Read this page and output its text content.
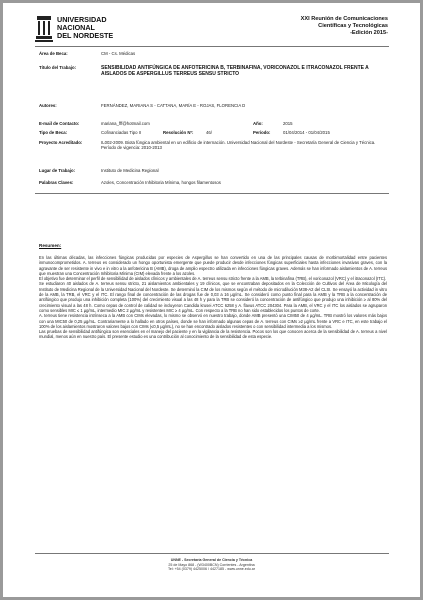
UNIVERSIDAD
NACIONAL
DEL NORDESTE
XXI Reunión de Comunicaciones
Científicas y Tecnológicas
-Edición 2015-
Área de Beca:	CM - Cs. Médicas
Título del Trabajo:	SENSIBILIDAD ANTIFÚNGICA DE ANFOTERICINA B, TERBINAFINA, VORICONAZOL E ITRACONAZOL FRENTE A AISLADOS DE ASPERGILLUS TERREUS SENSU STRICTO
Autores:	FERNÁNDEZ, MARIANA S - CATTANA, MARÍA E - ROJAS, FLORENCIA D
E-mail de Contacto:	mariana_fff@hotmail.com	Año:	2015
Tipo de Beca:	Cofinanciadas Tipo II	Resolución Nº:	46/	Período:	01/04/2014 - 01/04/2015
Proyecto Acreditado:	IL002-2009. Biota fúngica ambiental en un edificio de internación. Universidad Nacional del Nordeste - Secretaría General de Ciencia y Técnica. Período de vigencia: 2010-2013
Lugar de Trabajo:	Instituto de Medicina Regional
Palabras Claves:	Azoles, Concentración Inhibitoria Mínima, hongos filamentosos
Resumen:

En las últimas décadas, las infecciones fúngicas producidas por especies de Aspergillus se han convertido en una de las principales causas de morbimortalidad entre pacientes inmunocomprometidos. A. terreus es considerado un hongo oportunista emergente que puede producir desde infecciones fúngicas superficiales hasta infecciones invasivas graves, con la agravante de ser resistente in vivo e in vitro a la anfotericina B (AMB), droga de amplio espectro utilizada en infecciones fúngicas graves. Además se han informado aislamientos de A. terreus que muestran una Concentración Inhibitoria Mínima (CIM) elevada frente a los azoles.

El objetivo fue determinar el perfil de sensibilidad de aislados clínicos y ambientales de A. terreus sensu stricto frente a la AMB, la terbinafina (TRB), el voriconazol (VRC) y el itraconazol (ITC).

Se estudiaron 40 aislados de A. terreus sensu stricto, 21 aislamientos ambientales y 19 clínicos, que se encontraban depositados en la Colección de Cultivos del Área de Micología del Instituto de Medicina Regional de la Universidad Nacional del Nordeste. Se determinó la CIM de los mismos según el método de microdilución M38-A2 del CLSI. Se ensayó la actividad in vitro de la AMB, la TRB, el VRC y el ITC. El rango final de concentración de las drogas fue de 0,03 a 16 µg/mL. Se consideró como punto final para la AMB y la TRB a la concentración de antifúngico que produjo una inhibición completa (100%) del crecimiento visual a las 48 h y para la TRB se consideró la concentración de antifúngico que produjo una inhibición ≥ al 80% del crecimiento visual a las 48 h. Como cepas de control de calidad se incluyeron Candida krusei ATCC 6258 y A. flavus ATCC 204304. Para la AMB, el VRC y el ITC los aislados se agruparon como sensibles MIC ≤ 1 µg/mL, intermedio MIC 2 µg/mL y resistentes MIC ≥ 4 µg/mL. Con respecto a la TRB no han sido establecidos los puntos de corte.

A. terreus tiene resistencia intrínseca a la AMB con CIMs elevadas, lo mismo se observó en nuestro trabajo, donde AMB presentó una CIM50 de 4 µg/mL. TRB mostró los valores más bajos con una MIC50 de 0,25 µg/mL. Contrariamente a lo hallado en otros países, donde se han informado algunas cepas de A. terreus con CIMs ≥2 µg/mL frente a VRC e ITC, en este trabajo el 100% de los aislamientos mostraron valores bajos con CIMs (≤0,5 µg/mL), no se han encontrado aislados resistentes o con sensibilidad intermedia a los mismos.

Las pruebas de sensibilidad antifúngica son esenciales en el manejo del paciente y en la vigilancia de la resistencia. Pocos son los que conocen acerca de la sensibilidad de A. terreus a nivel mundial, menos aún en nuestro país. El presente estudio es una contribución al conocimiento de la sensibilidad de esta especie.

UNNE - Secretaría General de Ciencia y Técnica
25 de Mayo 868 - (W3400BCN) Corrientes - Argentina
Tel: +54 (0379) 4425006 / 4427185 - www.unne.edu.ar
